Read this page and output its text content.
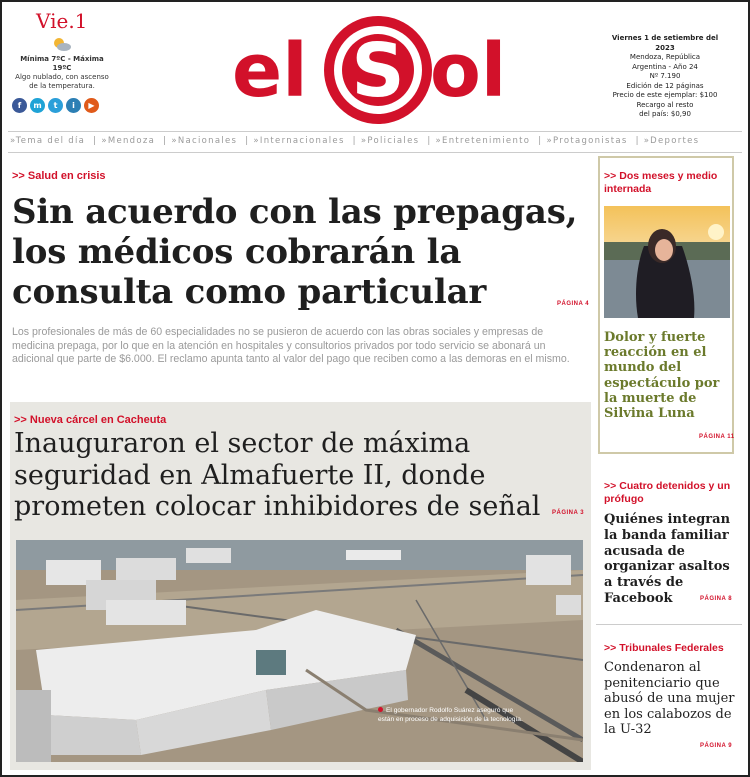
Vie.1
Mínima 7ºC - Máxima 19ºC
Algo nublado, con ascenso de la temperatura.
f	m	t	i	▶ el S ol	Viernes 1 de setiembre del 2023
Mendoza, República
Argentina - Año 24
Nº 7.190
Edición de 12 páginas
Precio de este ejemplar: $100
Recargo al resto
del país: $0,90
»Tema del día | »Mendoza | »Nacionales | »Internacionales | »Policiales | »Entretenimiento | »Protagonistas | »Deportes
>> Salud en crisis
Sin acuerdo con las prepagas, los médicos cobrarán la consulta como particular	PÁGINA 4
Los profesionales de más de 60 especialidades no se pusieron de acuerdo con las obras sociales y empresas de medicina prepaga, por lo que en la atención en hospitales y consultorios privados por todo servicio se abonará un adicional que parte de $6.000. El reclamo apunta tanto al valor del pago que reciben como a las demoras en el mismo.
>> Nueva cárcel en Cacheuta
Inauguraron el sector de máxima seguridad en Almafuerte II, donde prometen colocar inhibidores de señal	PÁGINA 3
El gobernador Rodolfo Suárez aseguró que están en proceso de adquisición de la tecnología.
>> Dos meses y medio internada
Dolor y fuerte reacción en el mundo del espectáculo por la muerte de Silvina Luna
PÁGINA 11
>> Cuatro detenidos y un prófugo
Quiénes integran la banda familiar acusada de organizar asaltos a través de Facebook	PÁGINA 8
>> Tribunales Federales
Condenaron al penitenciario que abusó de una mujer en los calabozos de la U-32
PÁGINA 9
